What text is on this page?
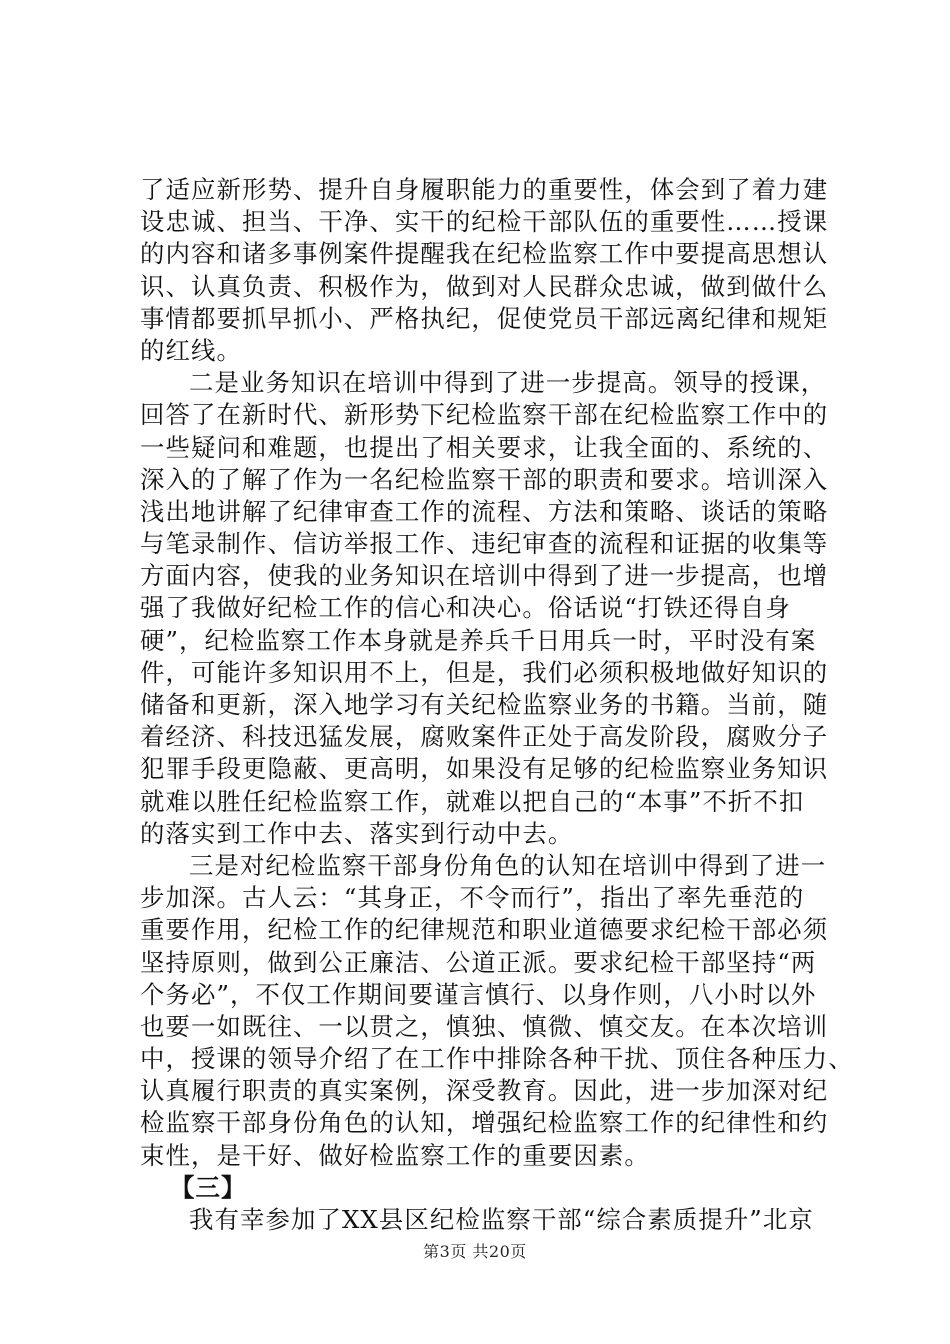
了适应新形势、提升自身履职能力的重要性，体会到了着力建
设忠诚、担当、干净、实干的纪检干部队伍的重要性……授课
的内容和诸多事例案件提醒我在纪检监察工作中要提高思想认
识、认真负责、积极作为，做到对人民群众忠诚，做到做什么
事情都要抓早抓小、严格执纪，促使党员干部远离纪律和规矩
的红线。
二是业务知识在培训中得到了进一步提高。领导的授课，
回答了在新时代、新形势下纪检监察干部在纪检监察工作中的
一些疑问和难题，也提出了相关要求，让我全面的、系统的、
深入的了解了作为一名纪检监察干部的职责和要求。培训深入
浅出地讲解了纪律审查工作的流程、方法和策略、谈话的策略
与笔录制作、信访举报工作、违纪审查的流程和证据的收集等
方面内容，使我的业务知识在培训中得到了进一步提高，也增
强了我做好纪检工作的信心和决心。俗话说“打铁还得自身
硬”，纪检监察工作本身就是养兵千日用兵一时，平时没有案
件，可能许多知识用不上，但是，我们必须积极地做好知识的
储备和更新，深入地学习有关纪检监察业务的书籍。当前，随
着经济、科技迅猛发展，腐败案件正处于高发阶段，腐败分子
犯罪手段更隐蔽、更高明，如果没有足够的纪检监察业务知识
就难以胜任纪检监察工作，就难以把自己的“本事”不折不扣
的落实到工作中去、落实到行动中去。
三是对纪检监察干部身份角色的认知在培训中得到了进一
步加深。古人云：“其身正，不令而行”，指出了率先垂范的
重要作用，纪检工作的纪律规范和职业道德要求纪检干部必须
坚持原则，做到公正廉洁、公道正派。要求纪检干部坚持“两
个务必”，不仅工作期间要谨言慎行、以身作则，八小时以外
也要一如既往、一以贯之，慎独、慎微、慎交友。在本次培训
中，授课的领导介绍了在工作中排除各种干扰、顶住各种压力、
认真履行职责的真实案例，深受教育。因此，进一步加深对纪
检监察干部身份角色的认知，增强纪检监察工作的纪律性和约
束性，是干好、做好检监察工作的重要因素。
【三】
我有幸参加了XX县区纪检监察干部“综合素质提升”北京
第3页 共20页
